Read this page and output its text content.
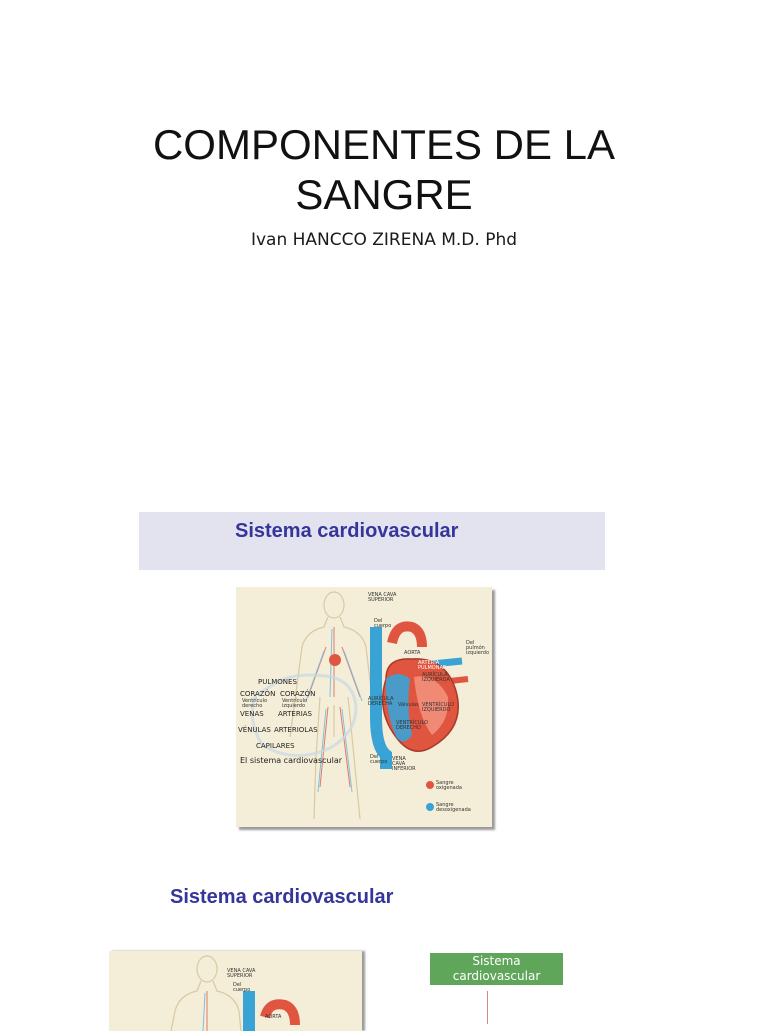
COMPONENTES DE LA
SANGRE
Ivan HANCCO ZIRENA M.D. Phd
Sistema cardiovascular
VENA CAVA
SUPERIOR
Del
cuerpo
AORTA
ARTERIA
PULMONAR
Del
pulmón
izquierdo
PULMONES
CORAZÓN CORAZÓN
Ventrículo
derecho
Ventrículo
izquierdo
VENAS ARTERIAS
VÉNULAS ARTERIOLAS
CAPILARES
AURÍCULA
IZQUIERDA
AURÍCULA
DERECHA Válvulas VENTRÍCULO
IZQUIERDO
VENTRÍCULO
DERECHO
El sistema cardiovascular	Del
cuerpo VENA
CAVA
INFERIOR
Sangre
oxigenada
Sangre
desoxigenada
Sistema cardiovascular
VENA CAVA
SUPERIOR
Del
cuerpo
AORTA
Sistema
cardiovascular
